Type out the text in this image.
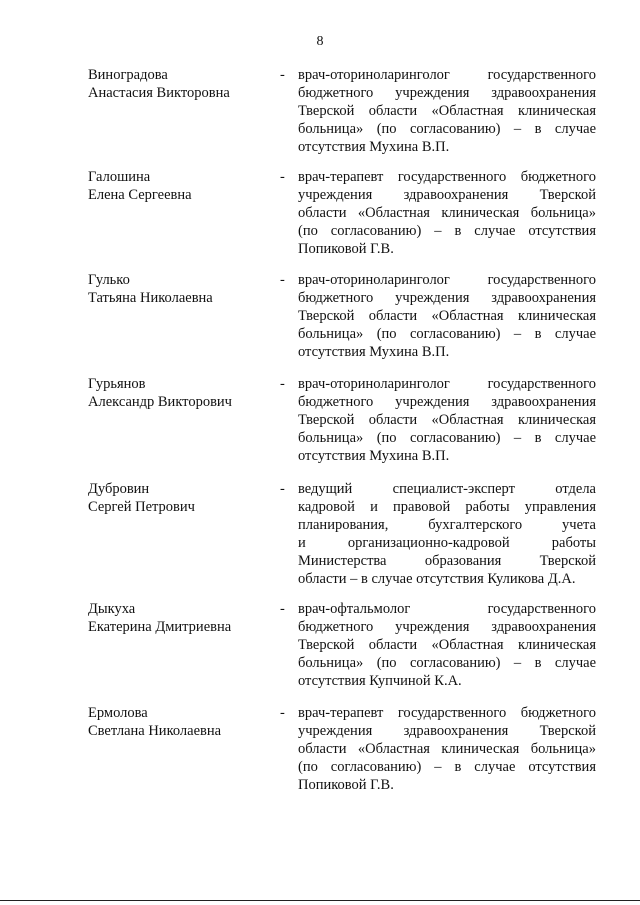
8
Виноградова
Анастасия Викторовна
- врач-оториноларинголог государственного
бюджетного учреждения здравоохранения
Тверской области «Областная клиническая
больница» (по согласованию) – в случае
отсутствия Мухина В.П.
Галошина
Елена Сергеевна
- врач-терапевт государственного бюджетного
учреждения здравоохранения Тверской
области «Областная клиническая больница»
(по согласованию) – в случае отсутствия
Попиковой Г.В.
Гулько
Татьяна Николаевна
- врач-оториноларинголог государственного
бюджетного учреждения здравоохранения
Тверской области «Областная клиническая
больница» (по согласованию) – в случае
отсутствия Мухина В.П.
Гурьянов
Александр Викторович
- врач-оториноларинголог государственного
бюджетного учреждения здравоохранения
Тверской области «Областная клиническая
больница» (по согласованию) – в случае
отсутствия Мухина В.П.
Дубровин
Сергей Петрович
- ведущий специалист-эксперт отдела
кадровой и правовой работы управления
планирования, бухгалтерского учета
и организационно-кадровой работы
Министерства образования Тверской
области – в случае отсутствия Куликова Д.А.
Дыкуха
Екатерина Дмитриевна
- врач-офтальмолог государственного
бюджетного учреждения здравоохранения
Тверской области «Областная клиническая
больница» (по согласованию) – в случае
отсутствия Купчиной К.А.
Ермолова
Светлана Николаевна
- врач-терапевт государственного бюджетного
учреждения здравоохранения Тверской
области «Областная клиническая больница»
(по согласованию) – в случае отсутствия
Попиковой Г.В.
